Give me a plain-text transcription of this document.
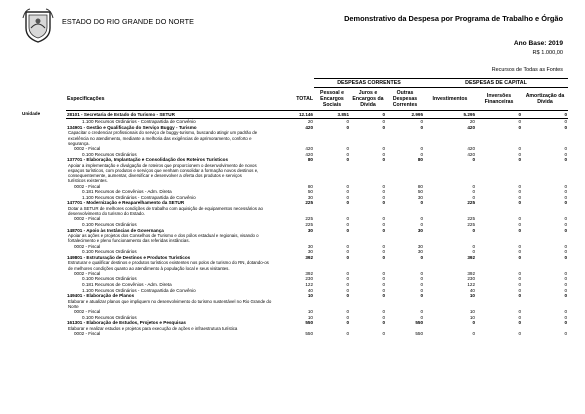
ESTADO DO RIO GRANDE DO NORTE	Demonstrativo da Despesa por Programa de Trabalho e Órgão
Ano Base: 2019
R$ 1.000,00
Recursos de Todas as Fontes
Unidade
		DESPESAS CORRENTES			DESPESAS DE CAPITAL		
Especificações	TOTAL	Pessoal e Encargos Sociais	Juros e Encargos da Dívida	Outras Despesas Correntes	Investimentos	Inversões Financeiras	Amortização da Dívida
28101 - Secretaria de Estado do Turismo - SETUR	12.146	3.851	0	2.995	5.295	0	0
1.100 Recursos Ordinários - Contrapartida de Convênio	20	0	0	0	20	0	0
134901 - Gestão e Qualificação do Serviço Buggy - Turismo	420	0	0	0	420	0	0
Capacitar o credenciar profissionais do serviço de buggy-turismo, buscando atingir um padrão de							
excelência no atendimento, mediante a melhoria das exigências de aprimoramento, conforto e							
segurança.							
0002 - Fiscal	420	0	0	0	420	0	0
0.100 Recursos Ordinários	420	0	0	0	420	0	0
137701 - Elaboração, Implantação e Consolidação dos Roteiros Turísticos	80	0	0	80	0	0	0
Apoiar a implementação e divulgação de roteiros que proporcionem o desenvolvimento de novos							
espaços turísticos, com produtos e serviços que venham consolidar a formação novos destinos e,							
consequentemente, aumentar, diversificar e desenvolver a oferta dos produtos e serviços							
turísticos existentes.							
0002 - Fiscal	80	0	0	80	0	0	0
0.181 Recursos de Convênios - Adm. Direta	50	0	0	50	0	0	0
1.100 Recursos Ordinários - Contrapartida de Convênio	30	0	0	30	0	0	0
147701 - Modernização e Reaparelhamento da SETUR	225	0	0	0	225	0	0
Dotar a SETUR de melhores condições de trabalho com aquisição de equipamentos necessários ao							
desenvolvimento do turismo do Estado.							
0002 - Fiscal	225	0	0	0	225	0	0
0.100 Recursos Ordinários	225	0	0	0	225	0	0
148701 - Apoio às Instâncias de Governança	30	0	0	30	0	0	0
Apoiar as ações e projetos dos Conselhos de Turismo e dos pólos estadual e regionais, visando o							
fortalecimento e pleno funcionamento das referidas instâncias.							
0002 - Fiscal	30	0	0	30	0	0	0
0.100 Recursos Ordinários	30	0	0	30	0	0	0
149801 - Estruturação de Destinos e Produtos Turísticos	392	0	0	0	392	0	0
Estruturar e qualificar destinos e produtos turísticos existentes nos polos de turismo do RN, dotando-os							
de melhores condições quanto ao atendimento à população local e seus visitantes.							
0002 - Fiscal	392	0	0	0	392	0	0
0.100 Recursos Ordinários	230	0	0	0	230	0	0
0.181 Recursos de Convênios - Adm. Direta	122	0	0	0	122	0	0
1.100 Recursos Ordinários - Contrapartida de Convênio	40	0	0	0	40	0	0
149401 - Elaboração de Planos	10	0	0	0	10	0	0
Elaborar e atualizar planos que impliquem no desenvolvimento do turismo sustentável no Rio Grande do							
Norte							
0002 - Fiscal	10	0	0	0	10	0	0
0.100 Recursos Ordinários	10	0	0	0	10	0	0
161301 - Elaboração de Estudos, Projetos e Pesquisas	550	0	0	550	0	0	0
Elaborar e realizar estudos e projetos para execução de ações e infraestrutura turística							
0002 - Fiscal	550	0	0	550	0	0	0
